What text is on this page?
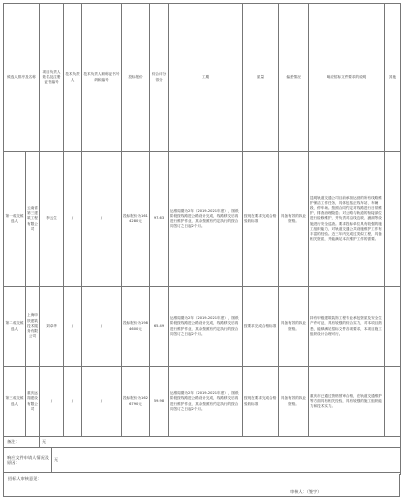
候选人排序及名称		项目负责人姓名及注册证书编号		技术负责人	技术负责人职称证书号码和编号	投标报价	综合评分得分	工期	质量	偏差情况	响应招标文件要求的说明	其他
第一成交候选人	云南省第三建筑工程有限公司	李云生		/	/	投标报价为1614280元	97.63	运维周期为2年（2019-2021年度），图纸阶段按线路进公路设计完成，线路移交后再进行维护作业，其余按照有约定执行的按合同签订之日起2个月。	按现在要求完成合格验收标准	具备有效的执业资格。	昆明轨道交通公司目前承担运营的所有线路维护保洁工作任务，具体包括正线车站、车辆段、停车场。按照合同约定对线路进行日常维护，排查治理隐患；对公路与轨道的衔接部位进行检修维护，并负责对沿线边坡、涵洞等设施进行安全巡查。要求投标单位具有较强的施工组织能力，对轨道交通公共设施维护工作有丰富的经验。近三年内完成过类似工程，具备相关资质，并能满足本次维护工作的需要。	
第二成交候选人	上海申铁建筑技术服务有限公司	刘卓华		/	/	投标报价为1984600元	65.49	运维周期为2年（2019-2021年度），图纸阶段按线路进公路设计完成，线路移交后再进行维护作业，其余按照有约定执行的按合同签订之日起2个月。	按要求完成合格标准	具备有效的执业资格。	持有甲级建筑装饰工程专业承包资质及安全生产许可证，具有较强的综合实力，对本项目熟悉，能够满足招标文件各项要求，本项目施工组织设计合理可行。	
第三成交候选人	重庆远翔建设有限公司	/		/	/	投标报价为1626790元	59.98	运维周期为2年（2019-2021年度），图纸阶段按线路进公路设计完成，线路移交后再进行维护作业，其余按照有约定执行的按合同签订之日起2个月。	按现在要求完成合格验收标准	具备有效的执业资格。	重庆市已通过资格预审合格，在轨道交通维护等方面具有相关经验，具有较强的施工组织能力和技术实力。	
备注：		无										
响应文件申请人情况及原因：			无									

招标人审核意见：
审核人：（签字）
